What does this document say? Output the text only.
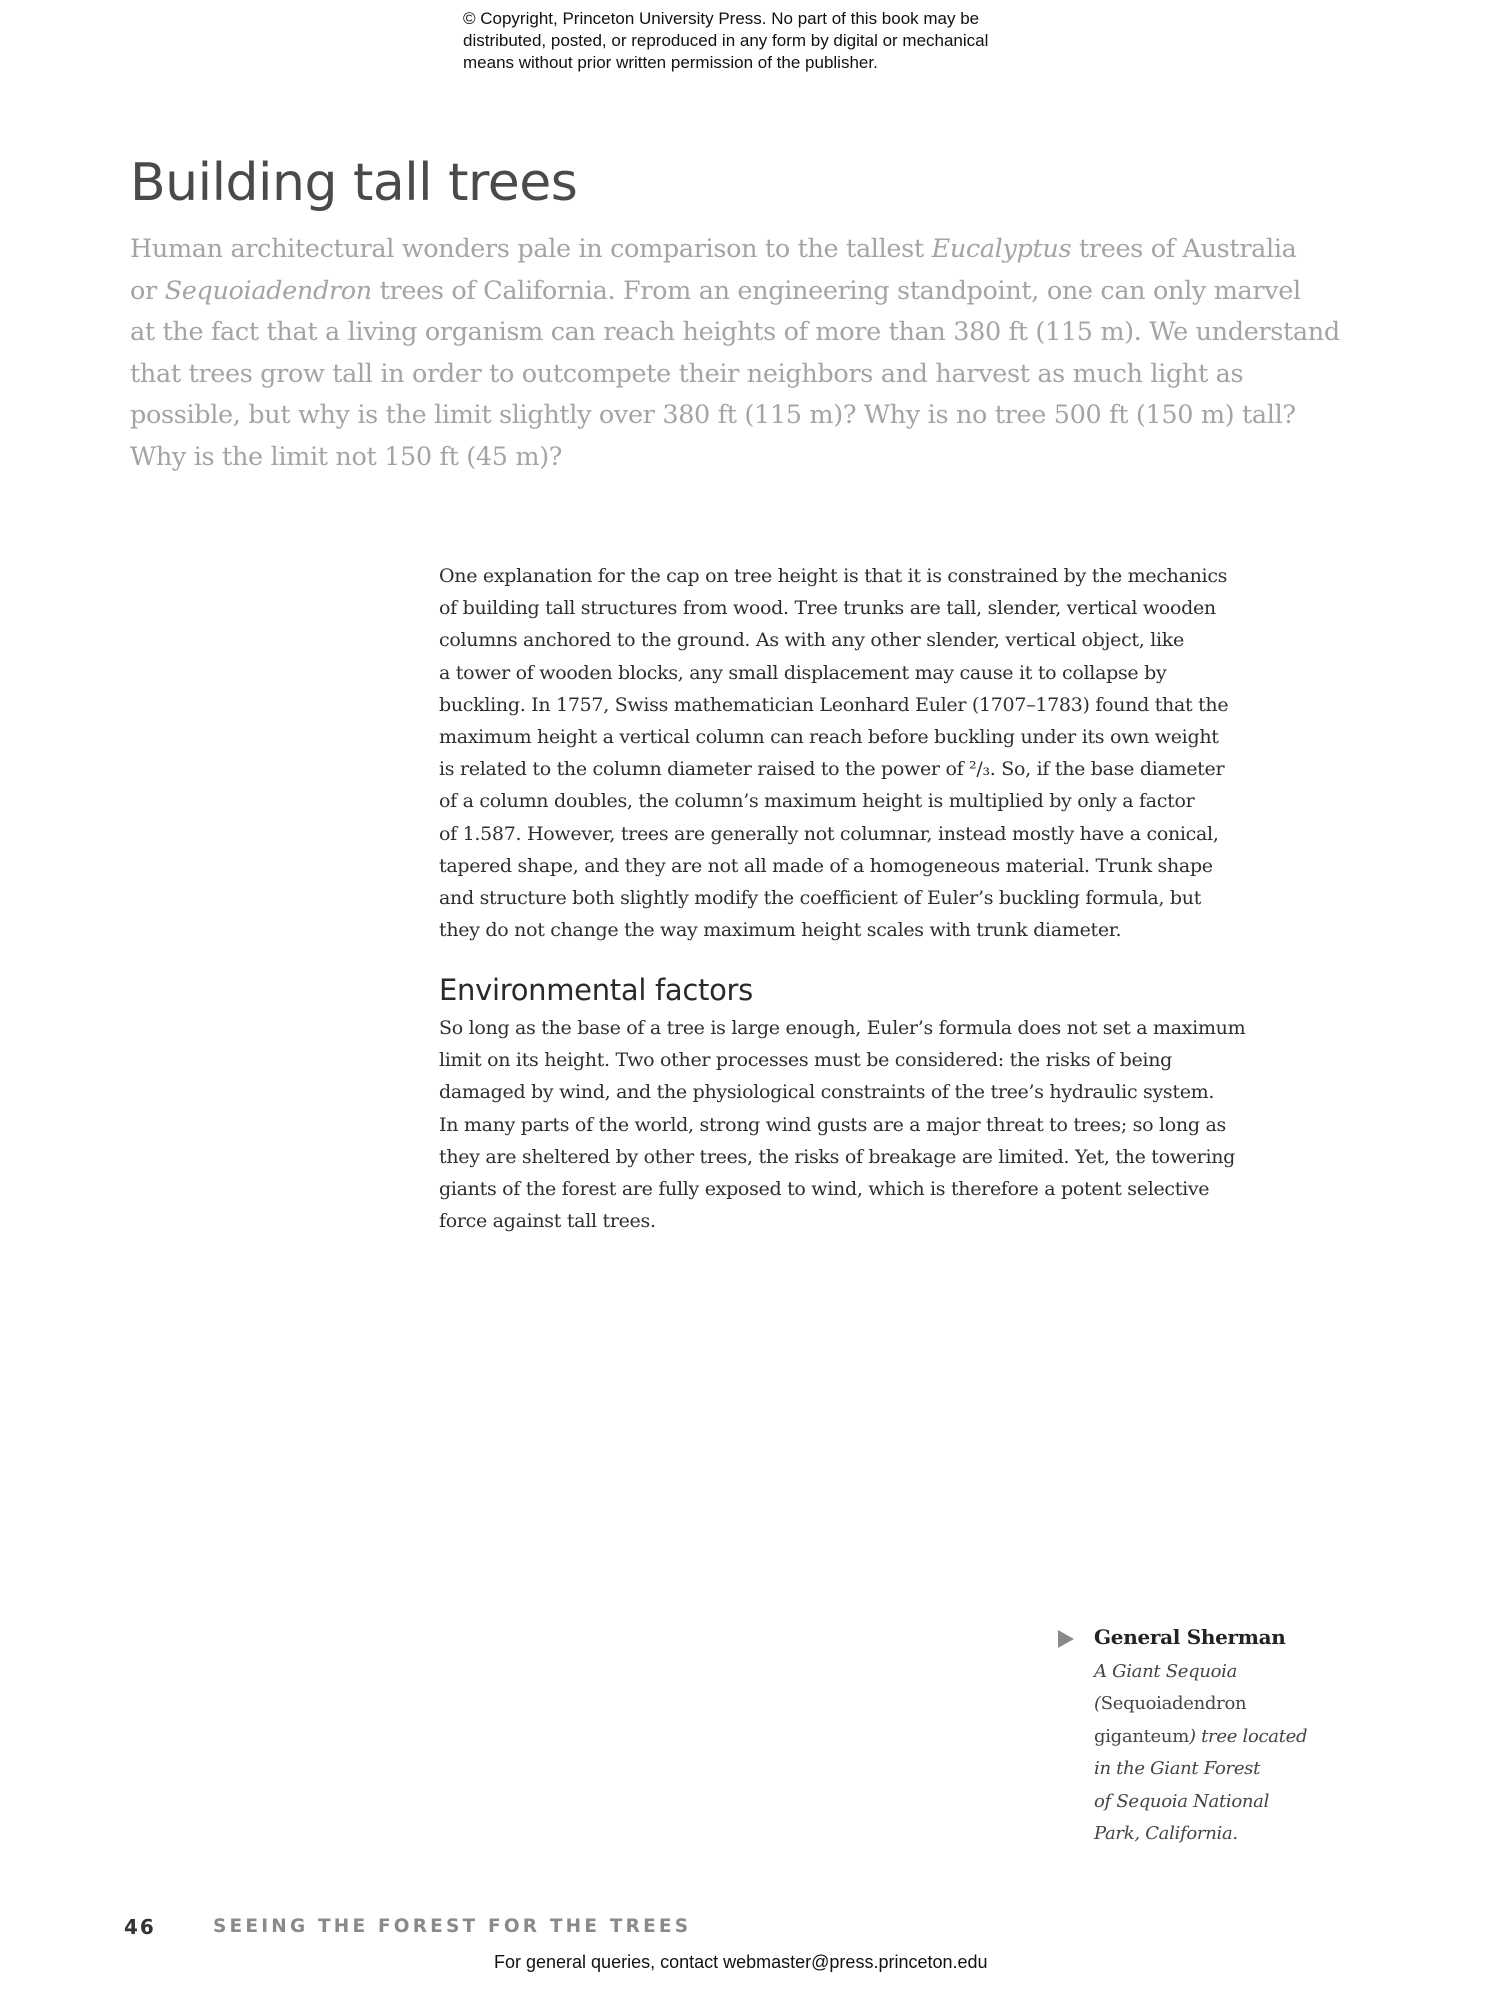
© Copyright, Princeton University Press. No part of this book may be
distributed, posted, or reproduced in any form by digital or mechanical
means without prior written permission of the publisher.
Building tall trees

Human architectural wonders pale in comparison to the tallest Eucalyptus trees of Australia
or Sequoiadendron trees of California. From an engineering standpoint, one can only marvel
at the fact that a living organism can reach heights of more than 380 ft (115 m). We understand
that trees grow tall in order to outcompete their neighbors and harvest as much light as
possible, but why is the limit slightly over 380 ft (115 m)? Why is no tree 500 ft (150 m) tall?
Why is the limit not 150 ft (45 m)?

One explanation for the cap on tree height is that it is constrained by the mechanics
of building tall structures from wood. Tree trunks are tall, slender, vertical wooden
columns anchored to the ground. As with any other slender, vertical object, like
a tower of wooden blocks, any small displacement may cause it to collapse by
buckling. In 1757, Swiss mathematician Leonhard Euler (1707–1783) found that the
maximum height a vertical column can reach before buckling under its own weight
is related to the column diameter raised to the power of ²/₃. So, if the base diameter
of a column doubles, the column’s maximum height is multiplied by only a factor
of 1.587. However, trees are generally not columnar, instead mostly have a conical,
tapered shape, and they are not all made of a homogeneous material. Trunk shape
and structure both slightly modify the coefficient of Euler’s buckling formula, but
they do not change the way maximum height scales with trunk diameter.

Environmental factors

So long as the base of a tree is large enough, Euler’s formula does not set a maximum
limit on its height. Two other processes must be considered: the risks of being
damaged by wind, and the physiological constraints of the tree’s hydraulic system.
In many parts of the world, strong wind gusts are a major threat to trees; so long as
they are sheltered by other trees, the risks of breakage are limited. Yet, the towering
giants of the forest are fully exposed to wind, which is therefore a potent selective
force against tall trees.

General Sherman

A Giant Sequoia
(Sequoiadendron
giganteum) tree located
in the Giant Forest
of Sequoia National
Park, California.

46	SEEING THE FOREST FOR THE TREES
For general queries, contact webmaster@press.princeton.edu
